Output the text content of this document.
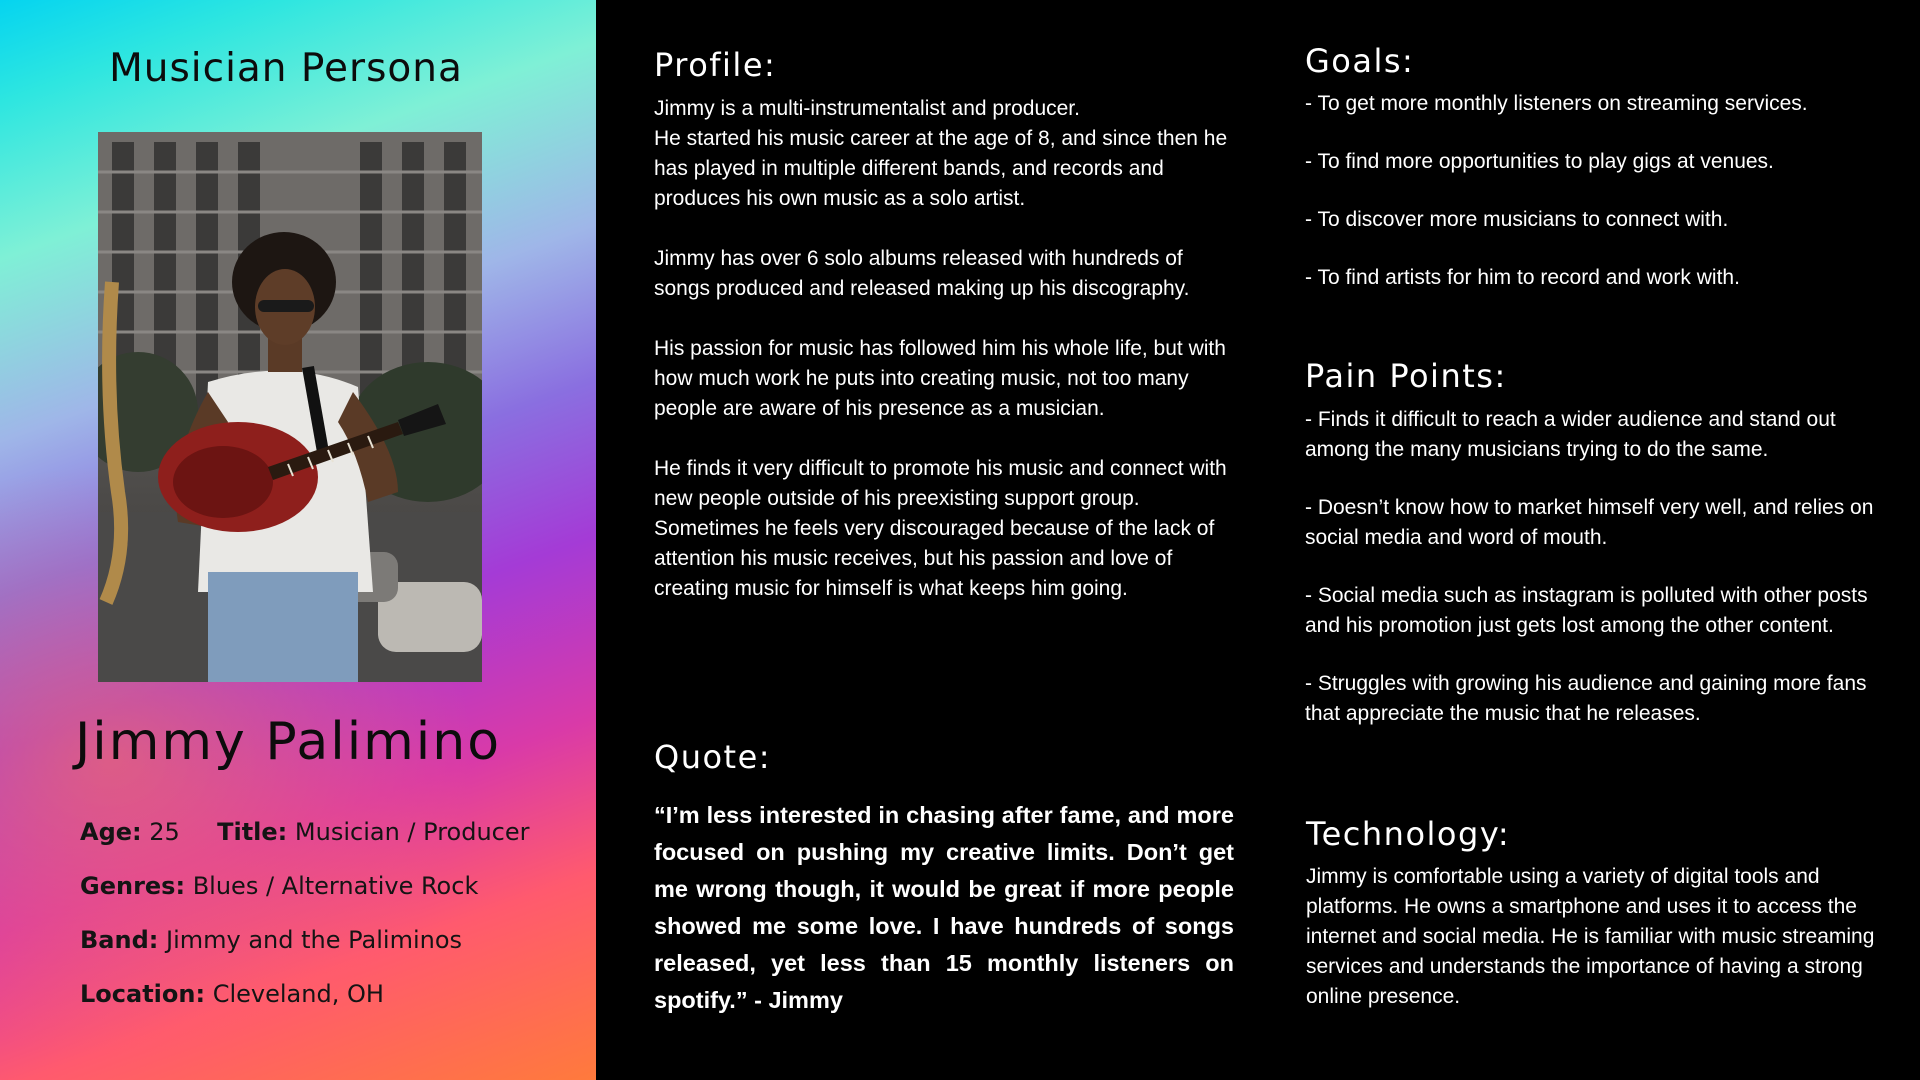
Musician Persona
Jimmy Palimino
Age: 25 Title: Musician / Producer
Genres: Blues / Alternative Rock
Band: Jimmy and the Paliminos
Location: Cleveland, OH
Profile:

Jimmy is a multi-instrumentalist and producer.
He started his music career at the age of 8, and since then he has played in multiple different bands, and records and produces his own music as a solo artist.

Jimmy has over 6 solo albums released with hundreds of songs produced and released making up his discography.

His passion for music has followed him his whole life, but with how much work he puts into creating music, not too many people are aware of his presence as a musician.

He finds it very difficult to promote his music and connect with new people outside of his preexisting support group. Sometimes he feels very discouraged because of the lack of attention his music receives, but his passion and love of creating music for himself is what keeps him going.

Quote:
“I’m less interested in chasing after fame, and more focused on pushing my creative limits. Don’t get me wrong though, it would be great if more people showed me some love. I have hundreds of songs released, yet less than 15 monthly listeners on spotify.” - Jimmy
Goals:
- To get more monthly listeners on streaming services.
- To find more opportunities to play gigs at venues.
- To discover more musicians to connect with.
- To find artists for him to record and work with.
Pain Points:
- Finds it difficult to reach a wider audience and stand out among the many musicians trying to do the same.
- Doesn’t know how to market himself very well, and relies on social media and word of mouth.
- Social media such as instagram is polluted with other posts and his promotion just gets lost among the other content.
- Struggles with growing his audience and gaining more fans that appreciate the music that he releases.
Technology:
Jimmy is comfortable using a variety of digital tools and platforms. He owns a smartphone and uses it to access the internet and social media. He is familiar with music streaming services and understands the importance of having a strong online presence.
